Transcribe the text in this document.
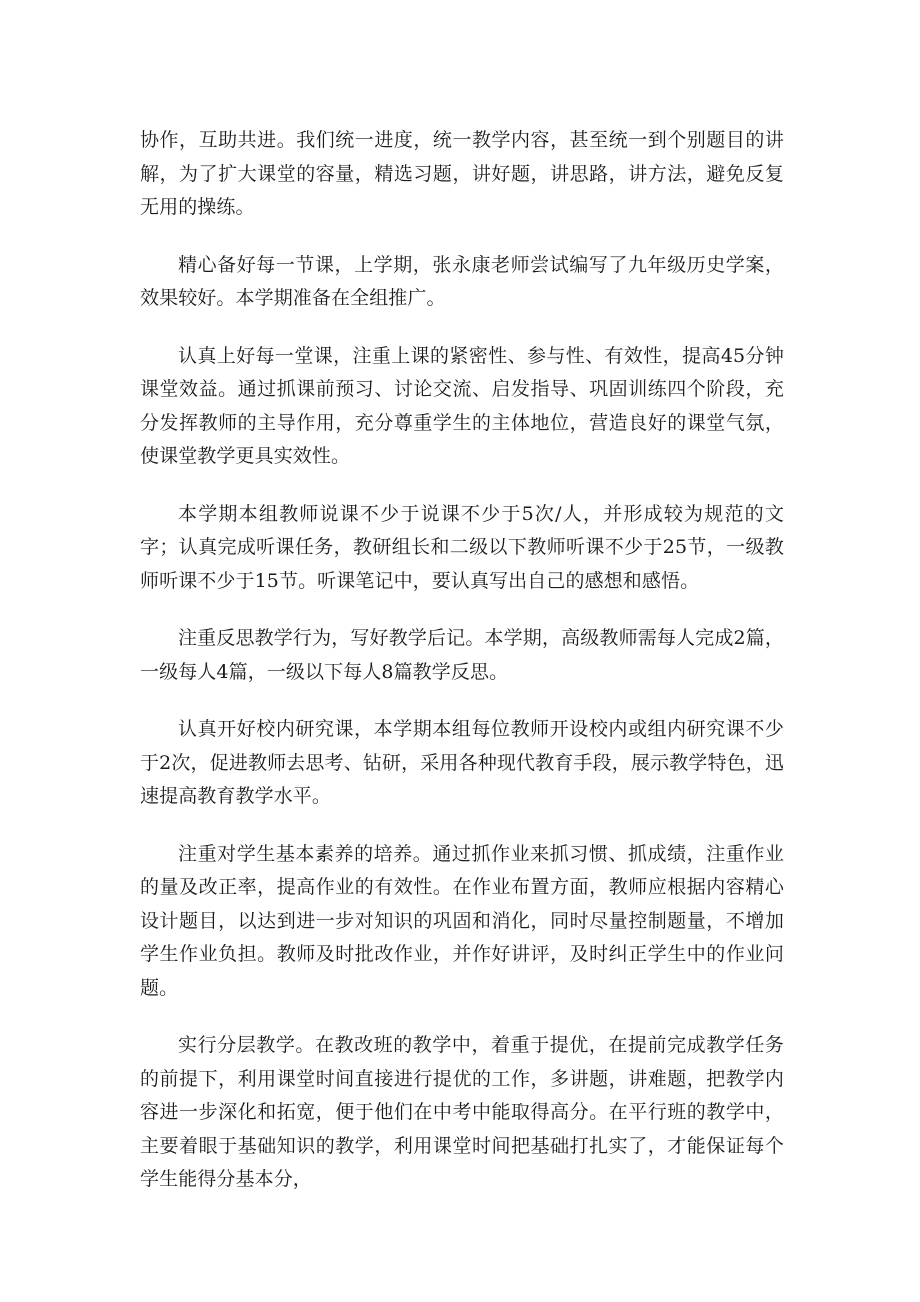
协作，互助共进。我们统一进度，统一教学内容，甚至统一到个别题目的讲解，为了扩大课堂的容量，精选习题，讲好题，讲思路，讲方法，避免反复无用的操练。

精心备好每一节课，上学期，张永康老师尝试编写了九年级历史学案，效果较好。本学期准备在全组推广。

认真上好每一堂课，注重上课的紧密性、参与性、有效性，提高45分钟课堂效益。通过抓课前预习、讨论交流、启发指导、巩固训练四个阶段，充分发挥教师的主导作用，充分尊重学生的主体地位，营造良好的课堂气氛，使课堂教学更具实效性。

本学期本组教师说课不少于说课不少于5次/人，并形成较为规范的文字；认真完成听课任务，教研组长和二级以下教师听课不少于25节，一级教师听课不少于15节。听课笔记中，要认真写出自己的感想和感悟。

注重反思教学行为，写好教学后记。本学期，高级教师需每人完成2篇，一级每人4篇，一级以下每人8篇教学反思。

认真开好校内研究课，本学期本组每位教师开设校内或组内研究课不少于2次，促进教师去思考、钻研，采用各种现代教育手段，展示教学特色，迅速提高教育教学水平。

注重对学生基本素养的培养。通过抓作业来抓习惯、抓成绩，注重作业的量及改正率，提高作业的有效性。在作业布置方面，教师应根据内容精心设计题目，以达到进一步对知识的巩固和消化，同时尽量控制题量，不增加学生作业负担。教师及时批改作业，并作好讲评，及时纠正学生中的作业问题。

实行分层教学。在教改班的教学中，着重于提优，在提前完成教学任务的前提下，利用课堂时间直接进行提优的工作，多讲题，讲难题，把教学内容进一步深化和拓宽，便于他们在中考中能取得高分。在平行班的教学中，主要着眼于基础知识的教学，利用课堂时间把基础打扎实了，才能保证每个学生能得分基本分，
